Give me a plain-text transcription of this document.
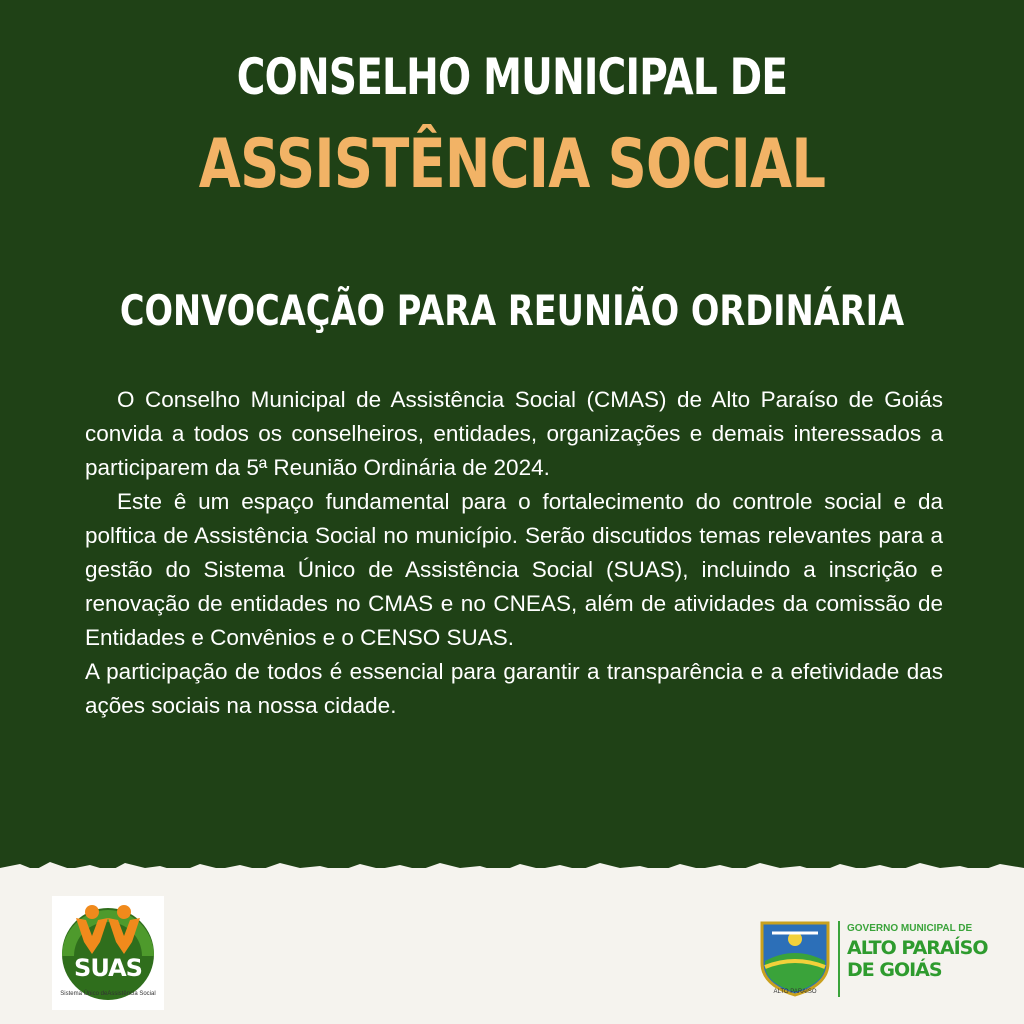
CONSELHO MUNICIPAL DE
ASSISTÊNCIA SOCIAL
CONVOCAÇÃO PARA REUNIÃO ORDINÁRIA

O Conselho Municipal de Assistência Social (CMAS) de Alto Paraíso de Goiás convida a todos os conselheiros, entidades, organizações e demais interessados a participarem da 5ª Reunião Ordinária de 2024.

Este ê um espaço fundamental para o fortalecimento do controle social e da polftica de Assistência Social no município. Serão discutidos temas relevantes para a gestão do Sistema Único de Assistência Social (SUAS), incluindo a inscrição e renovação de entidades no CMAS e no CNEAS, além de atividades da comissão de Entidades e Convênios e o CENSO SUAS.

A participação de todos é essencial para garantir a transparência e a efetividade das ações sociais na nossa cidade.

SUAS
Sistema Único deAssistência Social	ALTO PARAISO
GOVERNO MUNICIPAL DE
ALTO PARAÍSO
DE GOIÁS
